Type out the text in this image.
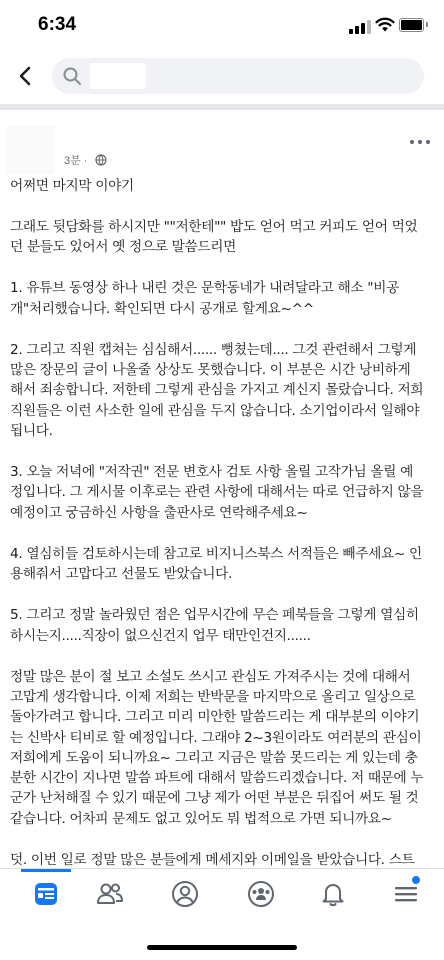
6:34
3분 ·
어쩌면 마지막 이야기
그래도 뒷담화를 하시지만 ""저한테"" 밥도 얻어 먹고 커피도 얻어 먹었
던 분들도 있어서 옛 정으로 말씀드리면
1. 유튜브 동영상 하나 내린 것은 문학동네가 내려달라고 해소 "비공
개"처리했습니다. 확인되면 다시 공개로 할게요~^^
2. 그리고 직원 캡쳐는 심심해서...... 뻥쳤는데.... 그것 관련해서 그렇게
많은 장문의 글이 나올줄 상상도 못했습니다. 이 부분은 시간 낭비하게
해서 죄송합니다. 저한테 그렇게 관심을 가지고 계신지 몰랐습니다. 저희
직원들은 이런 사소한 일에 관심을 두지 않습니다. 소기업이라서 일해야
됩니다.
3. 오늘 저녁에 "저작권" 전문 변호사 검토 사항 올릴 고작가님 올릴 예
정입니다. 그 게시물 이후로는 관련 사항에 대해서는 따로 언급하지 않을
예정이고 궁금하신 사항을 출판사로 연락해주세요~
4. 열심히들 검토하시는데 참고로 비지니스북스 서적들은 빼주세요~ 인
용해줘서 고맙다고 선물도 받았습니다.
5. 그리고 정말 놀라웠던 점은 업무시간에 무슨 페북들을 그렇게 열심히
하시는지.....직장이 없으신건지 업무 태만인건지......
정말 많은 분이 절 보고 소설도 쓰시고 관심도 가져주시는 것에 대해서
고맙게 생각합니다. 이제 저희는 반박문을 마지막으로 올리고 일상으로
돌아가려고 합니다. 그리고 미리 미안한 말씀드리는 게 대부분의 이야기
는 신박사 티비로 할 예정입니다. 그래야 2~3원이라도 여러분의 관심이
저희에게 도움이 되니까요~ 그리고 지금은 말씀 못드리는 게 있는데 충
분한 시간이 지나면 말씀 파트에 대해서 말씀드리겠습니다. 저 때문에 누
군가 난처해질 수 있기 때문에 그냥 제가 어떤 부분은 뒤집어 써도 될 것
같습니다. 어차피 문제도 없고 있어도 뭐 법적으로 가면 되니까요~
덧. 이번 일로 정말 많은 분들에게 메세지와 이메일을 받았습니다. 스트
